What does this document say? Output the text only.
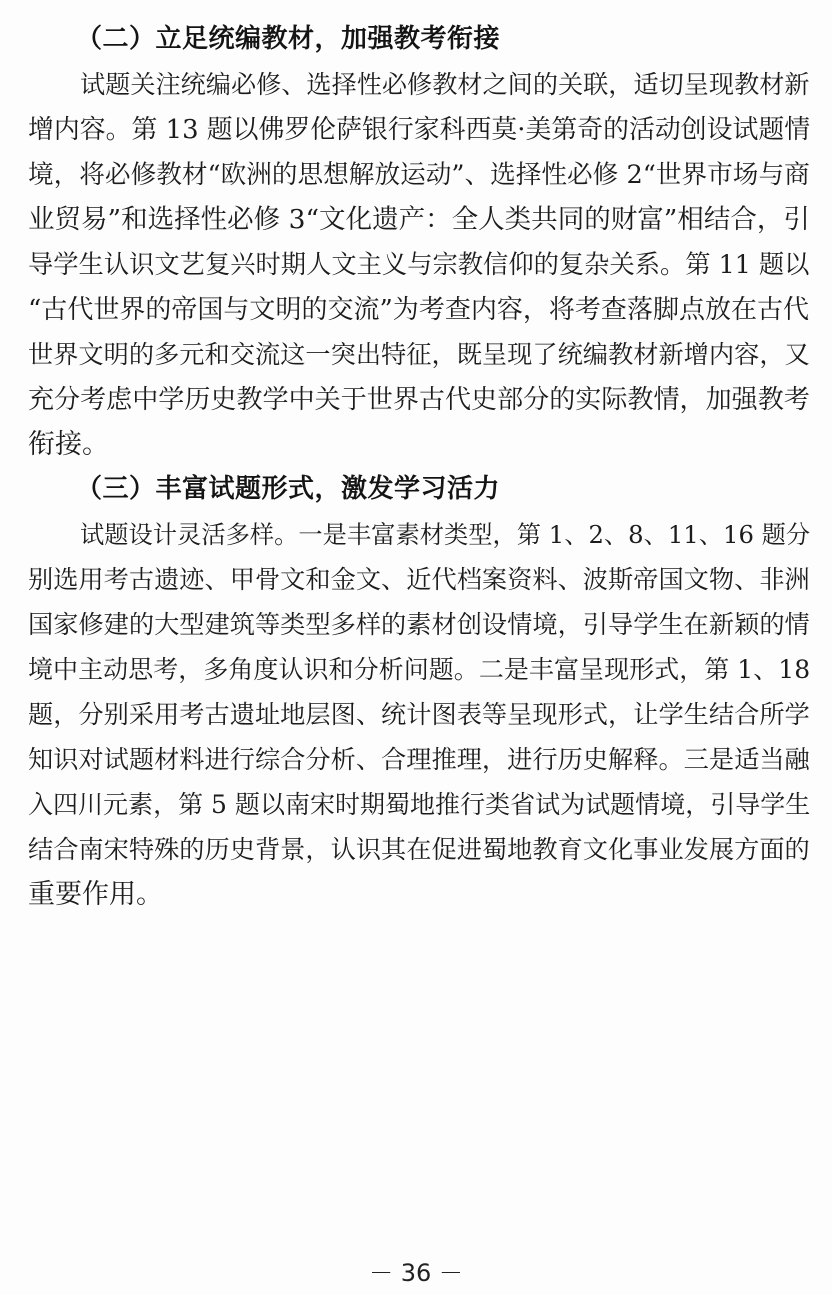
（二）立足统编教材，加强教考衔接
试题关注统编必修、选择性必修教材之间的关联，适切呈现教材新
增内容。第 13 题以佛罗伦萨银行家科西莫·美第奇的活动创设试题情
境，将必修教材“欧洲的思想解放运动”、选择性必修 2“世界市场与商
业贸易”和选择性必修 3“文化遗产：全人类共同的财富”相结合，引
导学生认识文艺复兴时期人文主义与宗教信仰的复杂关系。第 11 题以
“古代世界的帝国与文明的交流”为考查内容，将考查落脚点放在古代
世界文明的多元和交流这一突出特征，既呈现了统编教材新增内容，又
充分考虑中学历史教学中关于世界古代史部分的实际教情，加强教考
衔接。
（三）丰富试题形式，激发学习活力
试题设计灵活多样。一是丰富素材类型，第 1、2、8、11、16 题分
别选用考古遗迹、甲骨文和金文、近代档案资料、波斯帝国文物、非洲
国家修建的大型建筑等类型多样的素材创设情境，引导学生在新颖的情
境中主动思考，多角度认识和分析问题。二是丰富呈现形式，第 1、18
题，分别采用考古遗址地层图、统计图表等呈现形式，让学生结合所学
知识对试题材料进行综合分析、合理推理，进行历史解释。三是适当融
入四川元素，第 5 题以南宋时期蜀地推行类省试为试题情境，引导学生
结合南宋特殊的历史背景，认识其在促进蜀地教育文化事业发展方面的
重要作用。
－ 36 －
